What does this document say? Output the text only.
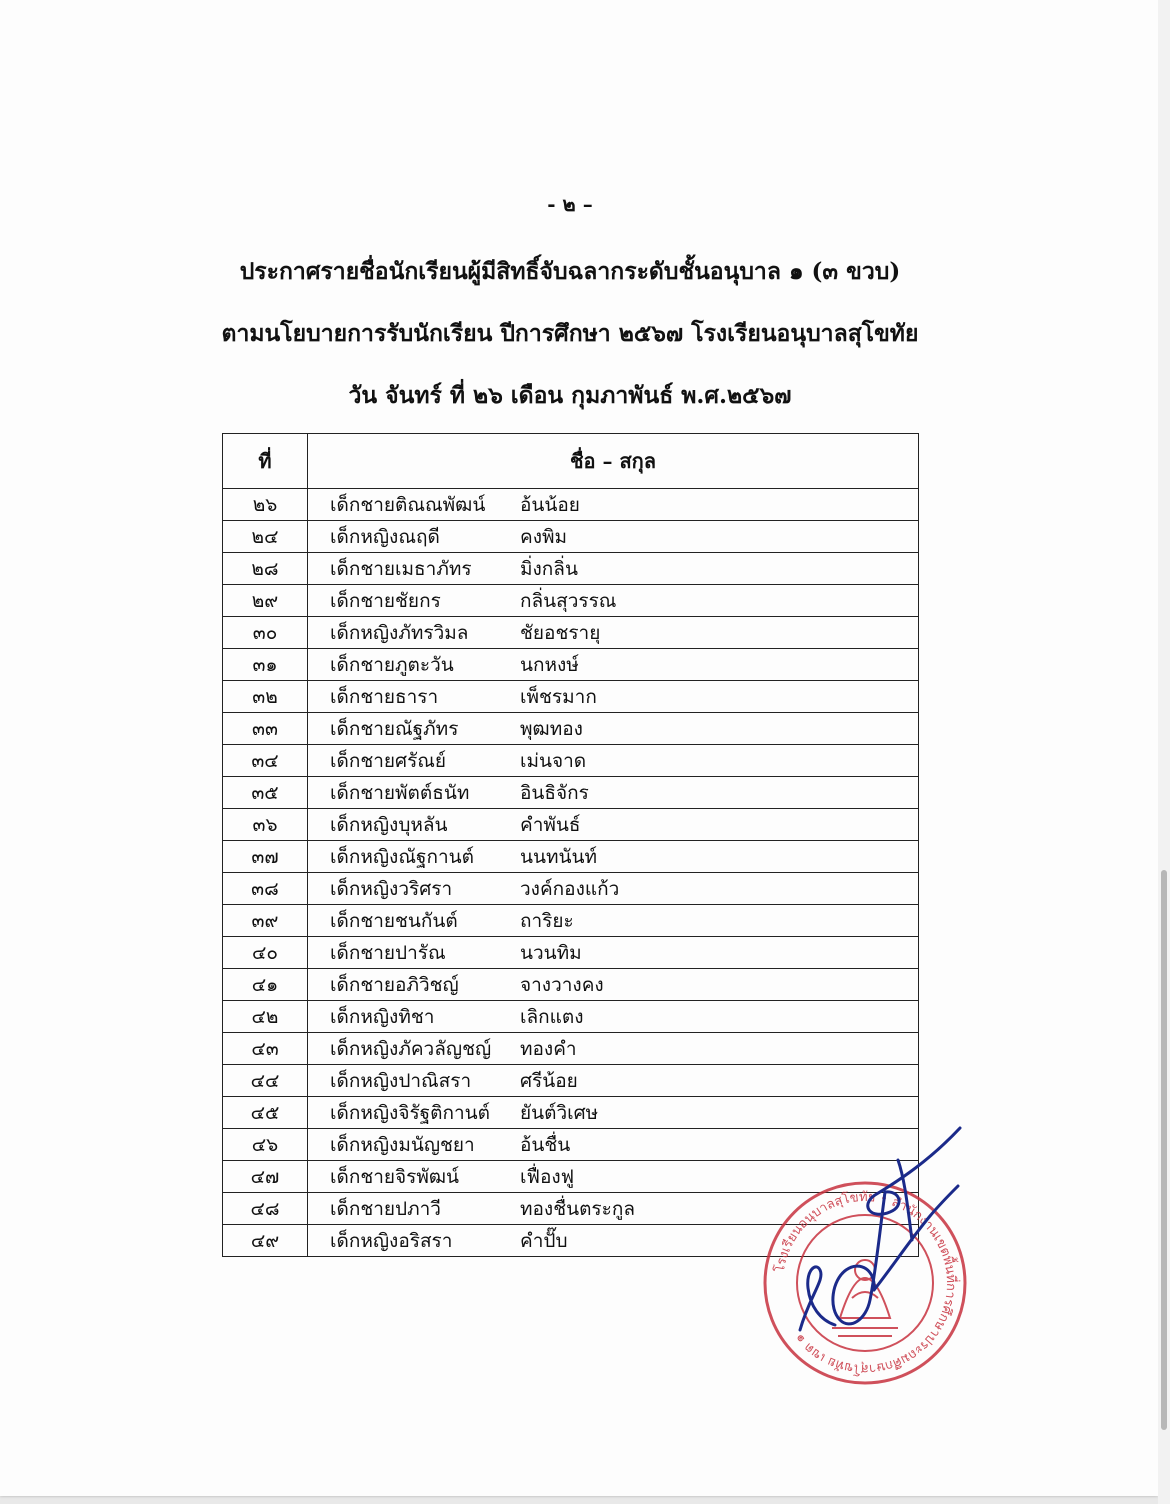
- ๒ –
ประกาศรายชื่อนักเรียนผู้มีสิทธิ์จับฉลากระดับชั้นอนุบาล ๑ (๓ ขวบ)
ตามนโยบายการรับนักเรียน ปีการศึกษา ๒๕๖๗ โรงเรียนอนุบาลสุโขทัย
วัน จันทร์ ที่ ๒๖ เดือน กุมภาพันธ์ พ.ศ.๒๕๖๗
ที่	ชื่อ – สกุล
๒๖	เด็กชายติณณพัฒน์ อ้นน้อย
๒๔	เด็กหญิงณฤดี คงพิม
๒๘	เด็กชายเมธาภัทร มิ่งกลิ่น
๒๙	เด็กชายชัยกร กลิ่นสุวรรณ
๓๐	เด็กหญิงภัทรวิมล ชัยอชรายุ
๓๑	เด็กชายภูตะวัน นกหงษ์
๓๒	เด็กชายธารา เพ็ชรมาก
๓๓	เด็กชายณัฐภัทร พุฒทอง
๓๔	เด็กชายศรัณย์ เม่นจาด
๓๕	เด็กชายพัตต์ธนัท อินธิจักร
๓๖	เด็กหญิงบุหลัน คำพันธ์
๓๗	เด็กหญิงณัฐกานต์ นนทนันท์
๓๘	เด็กหญิงวริศรา วงค์กองแก้ว
๓๙	เด็กชายชนกันต์ ถาริยะ
๔๐	เด็กชายปารัณ นวนทิม
๔๑	เด็กชายอภิวิชญ์ จางวางคง
๔๒	เด็กหญิงทิชา เลิกแตง
๔๓	เด็กหญิงภัควลัญชญ์ ทองคำ
๔๔	เด็กหญิงปาณิสรา ศรีน้อย
๔๕	เด็กหญิงจิรัฐติกานต์ ยันต์วิเศษ
๔๖	เด็กหญิงมนัญชยา อ้นชื่น
๔๗	เด็กชายจิรพัฒน์ เฟื่องฟู
๔๘	เด็กชายปภาวี ทองชื่นตระกูล
๔๙	เด็กหญิงอริสรา คำปั๊บ
โรงเรียนอนุบาลสุโขทัย • สำนักงานเขตพื้นที่การศึกษาประถมศึกษาสุโขทัย เขต ๑
